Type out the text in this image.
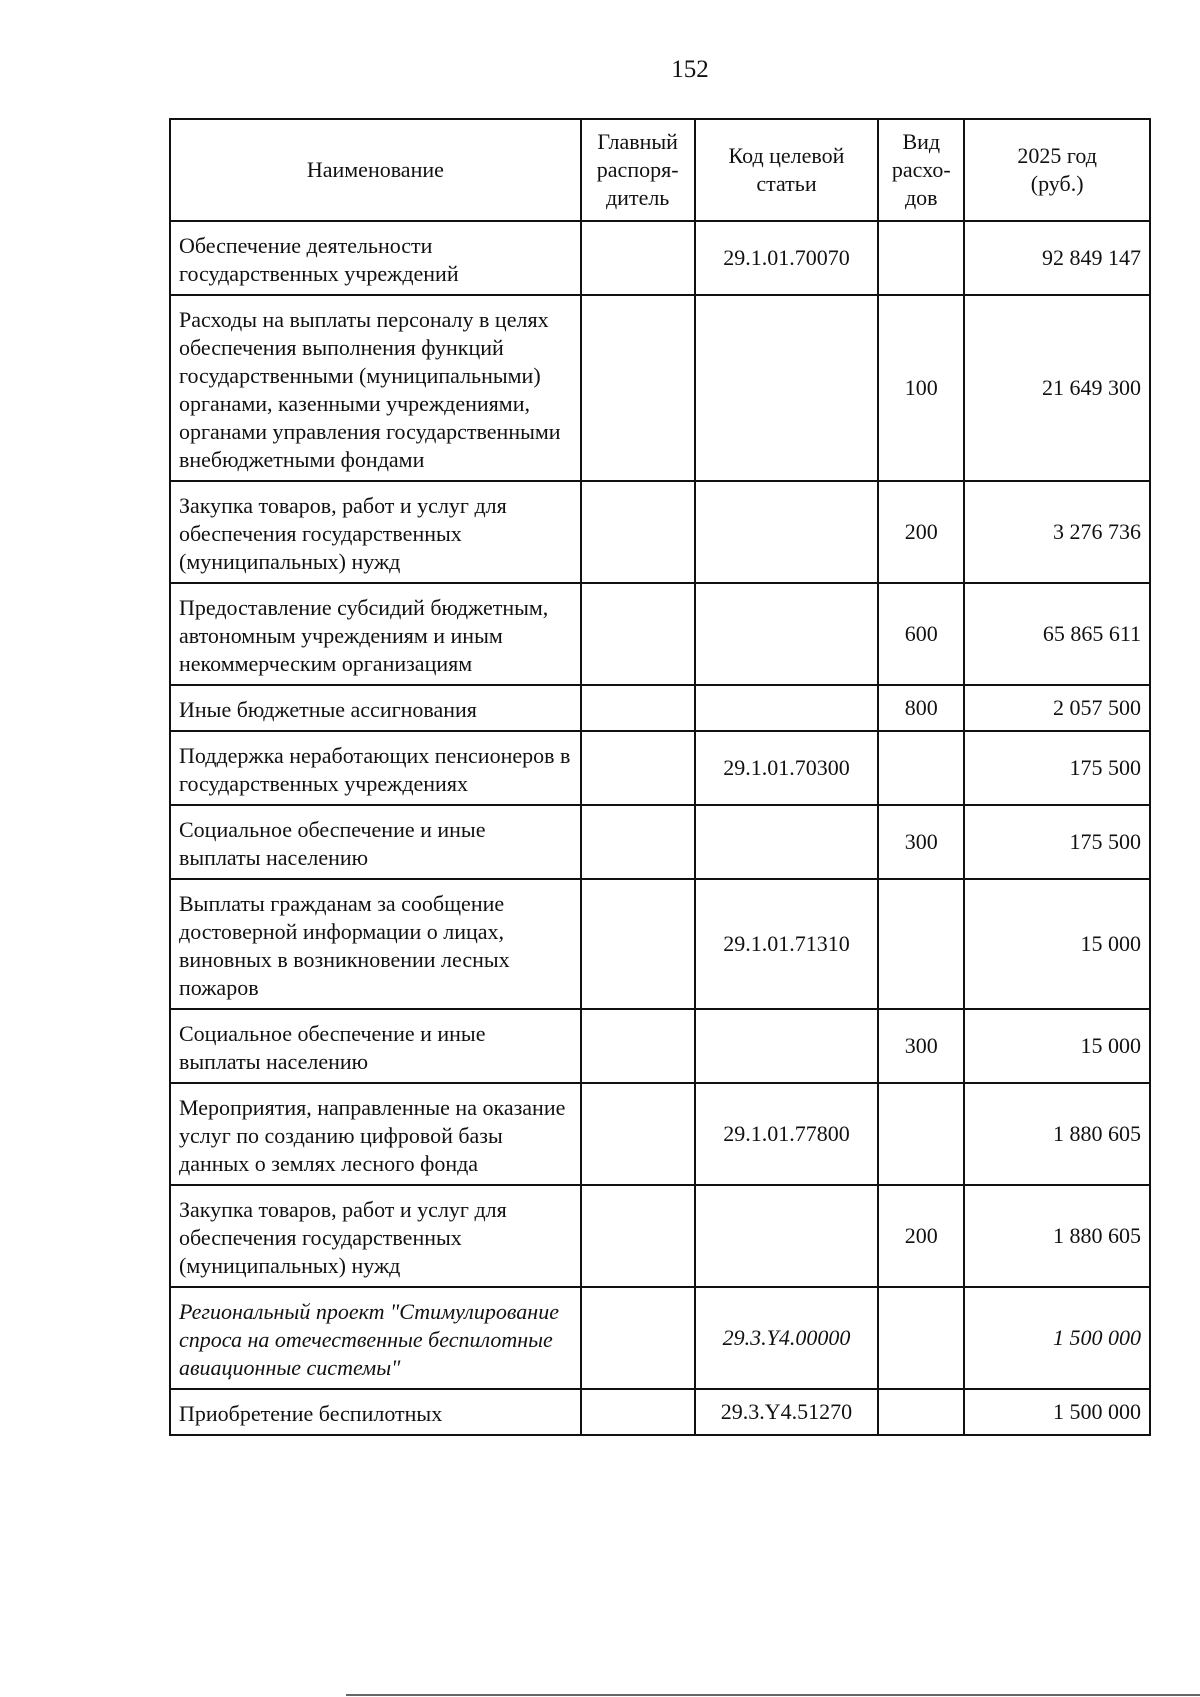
152
Наименование	Главный распоря-дитель	Код целевой статьи	Вид расхо-дов	2025 год (руб.)
Обеспечение деятельности государственных учреждений		29.1.01.70070		92 849 147
Расходы на выплаты персоналу в целях обеспечения выполнения функций государственными (муниципальными) органами, казенными учреждениями, органами управления государственными внебюджетными фондами			100	21 649 300
Закупка товаров, работ и услуг для обеспечения государственных (муниципальных) нужд			200	3 276 736
Предоставление субсидий бюджетным, автономным учреждениям и иным некоммерческим организациям			600	65 865 611
Иные бюджетные ассигнования			800	2 057 500
Поддержка неработающих пенсионеров в государственных учреждениях		29.1.01.70300		175 500
Социальное обеспечение и иные выплаты населению			300	175 500
Выплаты гражданам за сообщение достоверной информации о лицах, виновных в возникновении лесных пожаров		29.1.01.71310		15 000
Социальное обеспечение и иные выплаты населению			300	15 000
Мероприятия, направленные на оказание услуг по созданию цифровой базы данных о землях лесного фонда		29.1.01.77800		1 880 605
Закупка товаров, работ и услуг для обеспечения государственных (муниципальных) нужд			200	1 880 605
Региональный проект "Стимулирование спроса на отечественные беспилотные авиационные системы"		29.3.Y4.00000		1 500 000
Приобретение беспилотных		29.3.Y4.51270		1 500 000
